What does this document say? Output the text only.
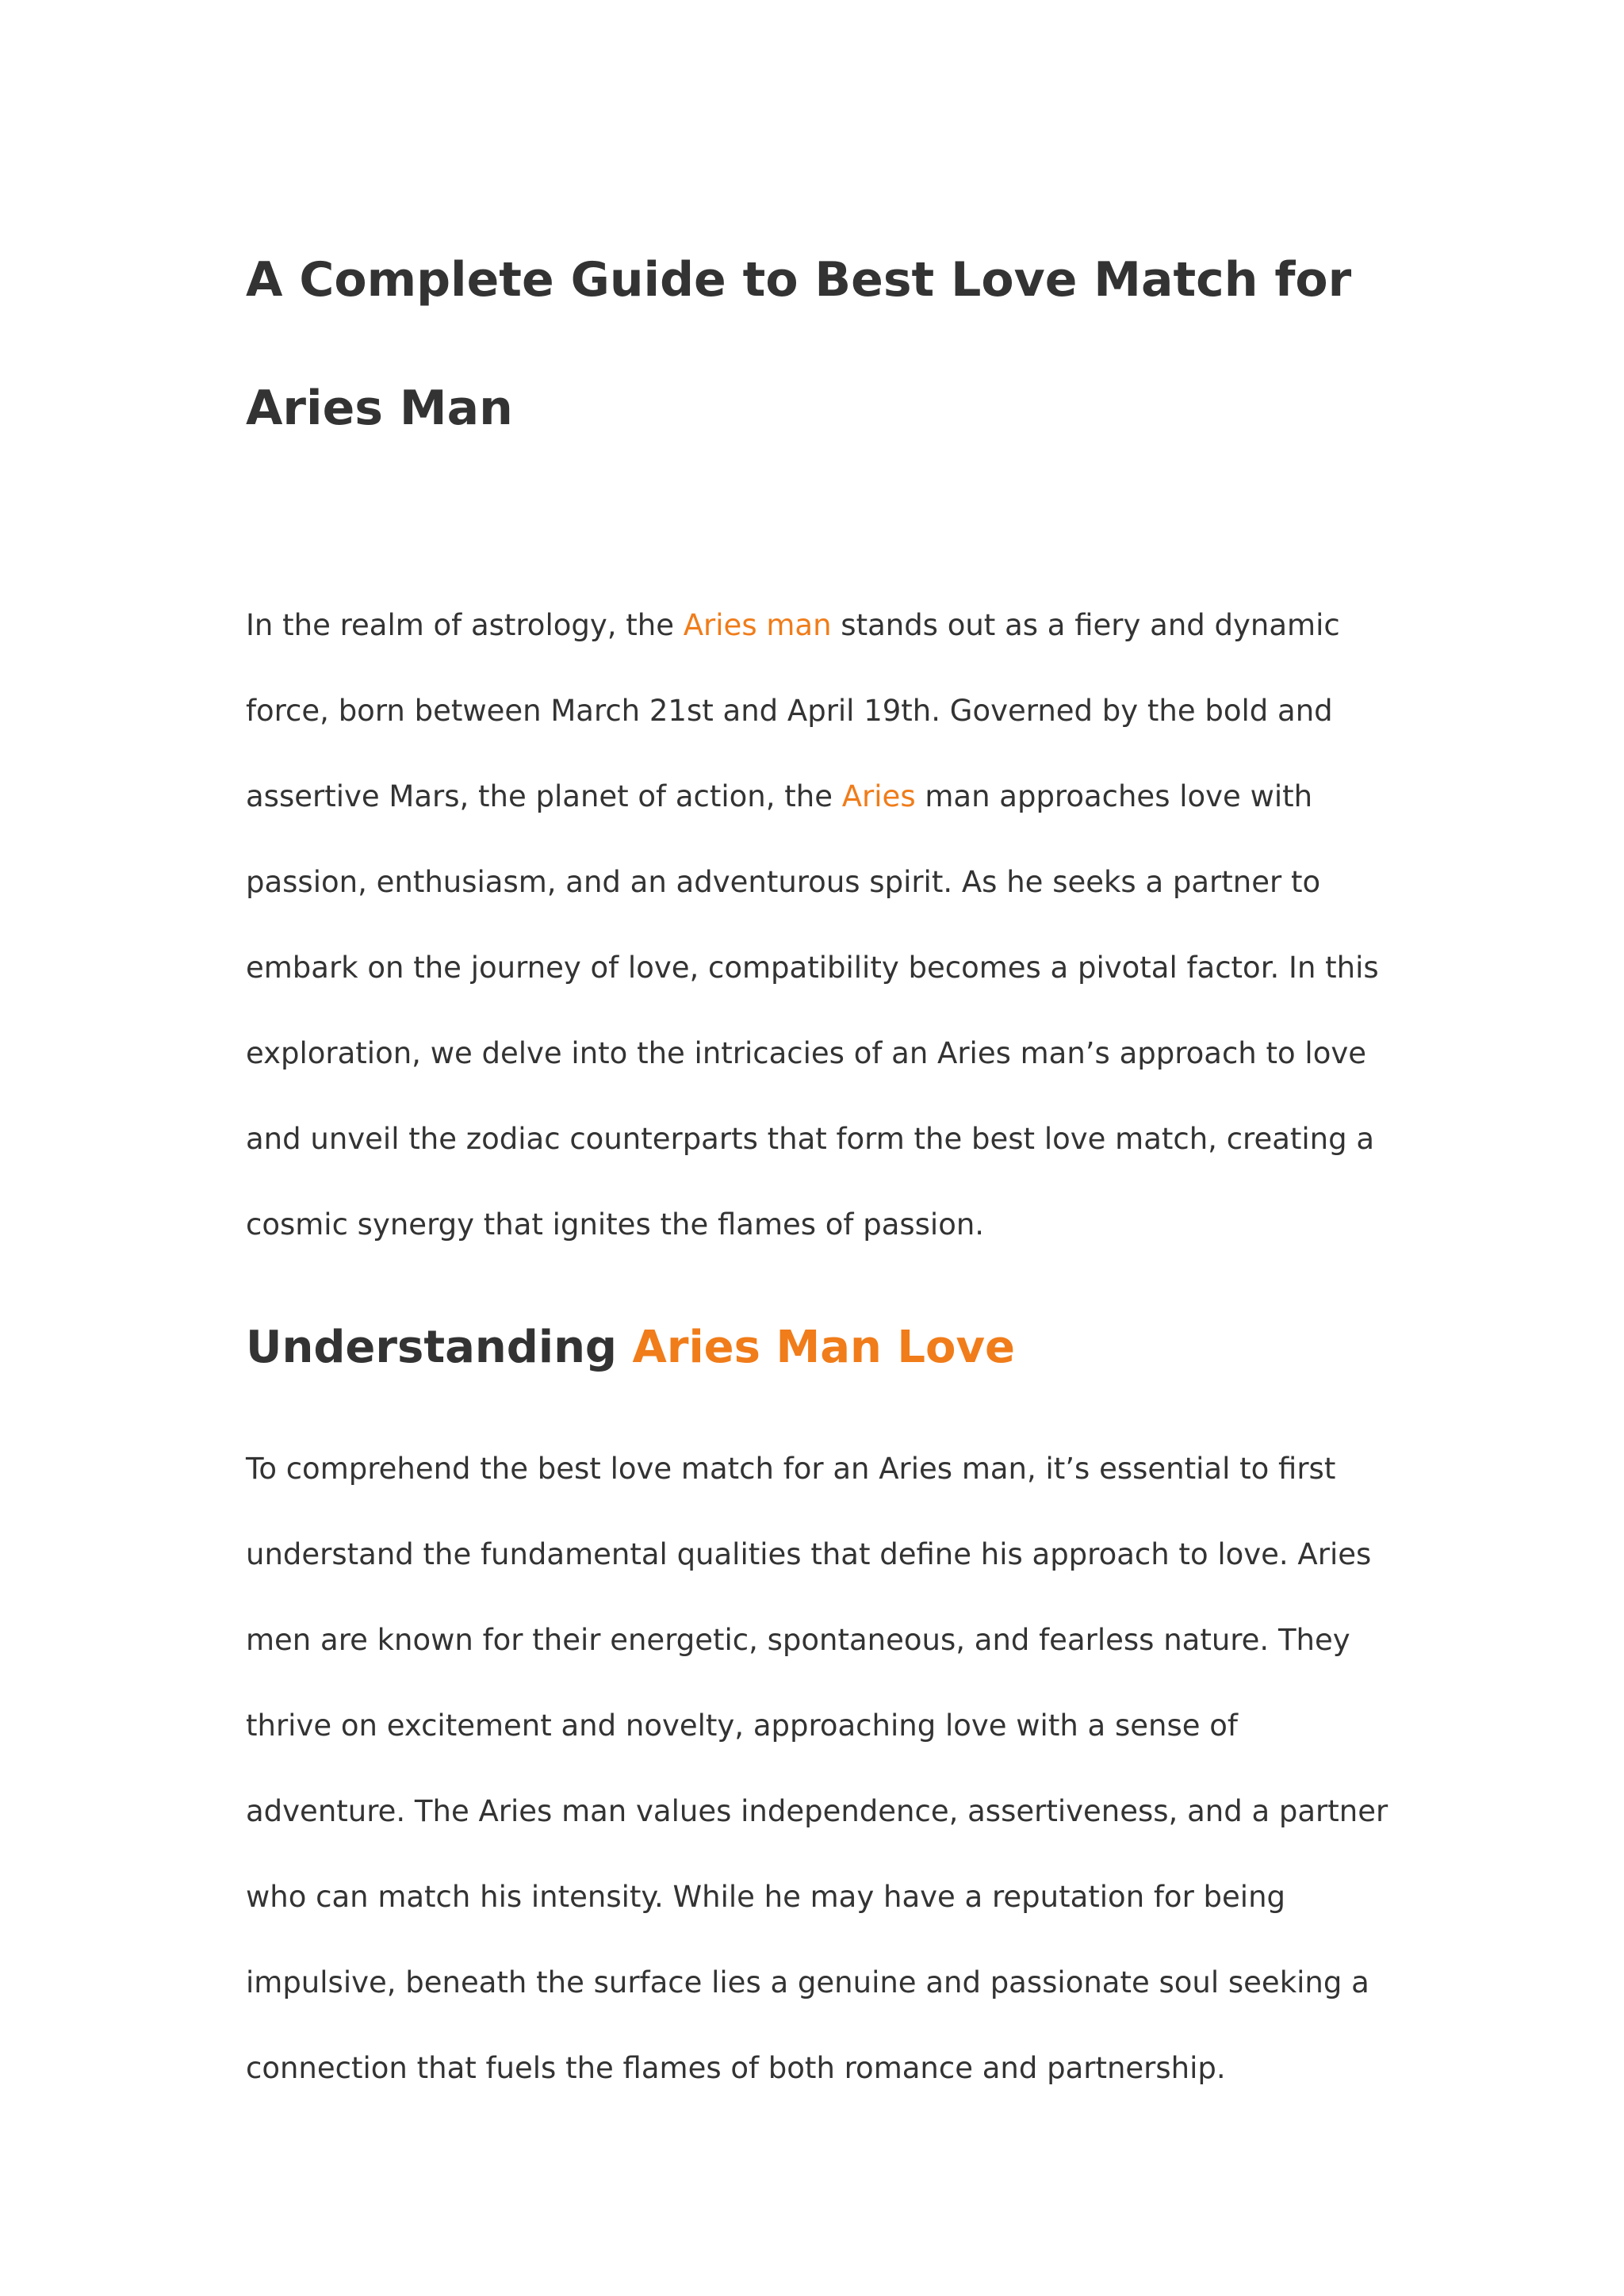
A Complete Guide to Best Love Match for Aries Man

In the realm of astrology, the Aries man stands out as a fiery and dynamic force, born between March 21st and April 19th. Governed by the bold and assertive Mars, the planet of action, the Aries man approaches love with passion, enthusiasm, and an adventurous spirit. As he seeks a partner to embark on the journey of love, compatibility becomes a pivotal factor. In this exploration, we delve into the intricacies of an Aries man’s approach to love and unveil the zodiac counterparts that form the best love match, creating a cosmic synergy that ignites the flames of passion.

Understanding Aries Man Love

To comprehend the best love match for an Aries man, it’s essential to first understand the fundamental qualities that define his approach to love. Aries men are known for their energetic, spontaneous, and fearless nature. They thrive on excitement and novelty, approaching love with a sense of adventure. The Aries man values independence, assertiveness, and a partner who can match his intensity. While he may have a reputation for being impulsive, beneath the surface lies a genuine and passionate soul seeking a connection that fuels the flames of both romance and partnership.
